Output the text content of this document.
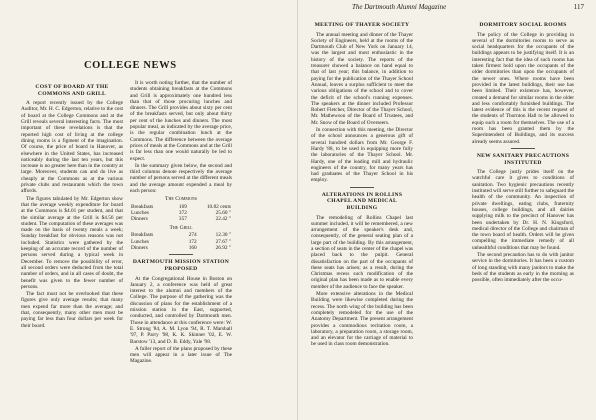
The Dartmouth Alumni Magazine	117
COLLEGE NEWS
COST OF BOARD AT THE COMMONS AND GRILL

A report recently issued by the College Auditor, Mr. H. C. Edgerton, relative to the cost of board at the College Commons and at the Grill reveals several interesting facts. The most important of these revelations is that the reported high cost of living at the college dining rooms is a figment of the imagination. Of course, the price of board in Hanover, as elsewhere in the United States, has increased noticeably during the last ten years, but this increase is no greater here than in the country at large. Moreover, students can and do live as cheaply at the Commons as at the various private clubs and restaurants which the town affords.

The figures tabulated by Mr. Edgerton show that the average weekly expenditure for board at the Commons is $4.01 per student, and that the similar average at the Grill is $4.56 per student. The computation of these averages was made on the basis of twenty meals a week; Sunday breakfast for obvious reasons was not included. Statistics were gathered by the keeping of an accurate record of the number of persons served during a typical week in December. To remove the possibility of error, all second orders were deducted from the total number of orders, and in all cases of doubt, the benefit was given to the fewer number of persons.

The fact must not be overlooked that these figures give only average results; that many men expend far more than the average; and that, consequently, many other men must be paying far less than four dollars per week for their board.

It is worth noting further, that the number of students obtaining breakfasts at the Commons and Grill is approximately one hundred less than that of those procuring lunches and dinners. The Grill provides about sixty per cent of the breakfasts served, but only about thirty per cent of the lunches and dinners. The most popular meal, as indicated by the average price, is the regular combination lunch at the Commons. The difference between the average prices of meals at the Commons and at the Grill is far less than one would naturally be led to expect.

In the summary given below, the second and third columns denote respectively the average number of persons served at the different meals and the average amount expended a meal by each person:

The Commons
Breakfasts	169	10.82 cents
Lunches	372	25.60 "
Dinners	357	22.42 "
The Grill
Breakfasts	274	12.30 "
Lunches	172	27.67 "
Dinners	160	26.92 "
DARTMOUTH MISSION STATION PROPOSED

At the Congregational House in Boston on January 2, a conference was held of great interest to the alumni and members of the College. The purpose of the gathering was the discussion of plans for the establishment of a mission station in the East, supported, conducted, and controlled by Dartmouth men. Those in attendance at this conference were: W. E. Strong '84, A. M. Lyon '94, R. T. Marshall '97, P. Parry '98, K. K. Skinner '02, E. W. Barstow '13, and D. B. Eddy, Yale '98.

A fuller report of the plans proposed by these men will appear in a later issue of The Magazine.

MEETING OF THAYER SOCIETY

The annual meeting and dinner of the Thayer Society of Engineers, held at the rooms of the Dartmouth Club of New York on January 14, was the largest and most enthusiastic in the history of the society. The reports of the treasurer showed a balance on hand equal to that of last year; this balance, in addition to paying for the publication of the Thayer School Annual, leaves a surplus sufficient to meet the various obligations of the school and to cover the deficit of the school's running expenses. The speakers at the dinner included Professor Robert Fletcher, Director of the Thayer School, Mr. Mathewson of the Board of Trustees, and Mr. Snow of the Board of Overseers.

In connection with this meeting, the Director of the school announces a generous gift of several hundred dollars from Mr. George F. Hardy '88, to be used in equipping more fully the laboratories of the Thayer School. Mr. Hardy, one of the leading mill and hydraulic engineers of the country, for many years has had graduates of the Thayer School in his employ.

ALTERATIONS IN ROLLINS CHAPEL AND MEDICAL BUILDING

The remodeling of Rollins Chapel last summer included, it will be remembered, a new arrangement of the speaker's desk and, consequently, of the general seating plan of a large part of the building. By this arrangement, a section of seats in the center of the chapel was placed back to the pulpit. General dissatisfaction on the part of the occupants of these seats has arisen; as a result, during the Christmas recess such modification of the original plan has been made as to enable every member of the audience to face the speaker.

More extensive alterations in the Medical Building were likewise completed during the recess. The north wing of the building has been completely remodeled for the use of the Anatomy Department. The present arrangement provides a commodious recitation room, a laboratory, a preparation room, a storage room, and an elevator for the carriage of material to be used in class room demonstration.

DORMITORY SOCIAL ROOMS

The policy of the College in providing in several of the dormitories rooms to serve as social headquarters for the occupants of the buildings appears to be justifying itself. It is an interesting fact that the idea of such rooms has taken firmest hold upon the occupants of the older dormitories than upon the occupants of the newer ones. Where rooms have been provided in the latest buildings, their use has been limited. Their existence has, however, created a demand for similar rooms in the older and less comfortably furnished buildings. The latest evidence of this is the recent request of the students of Thornton Hall to be allowed to equip such a room for themselves. The use of a room has been granted them by the Superintendent of Buildings, and its success already seems assured.

NEW SANITARY PRECAUTIONS INSTITUTED

The College justly prides itself on the watchful care it gives to conditions of sanitation. Two hygienic precautions recently instituted will serve still further to safeguard the health of the community. An inspection of private dwellings, eating clubs, fraternity houses, college buildings, and all dairies supplying milk to the precinct of Hanover has been undertaken by Dr. H. N. Kingsford, medical director of the College and chairman of the town board of health. Orders will be given compelling the immediate remedy of all unhealthful conditions that may be found.

The second precaution has to do with janitor service in the dormitories. It has been a custom of long standing with many janitors to make the beds of the students as early in the morning as possible, often immediately after the occu-
